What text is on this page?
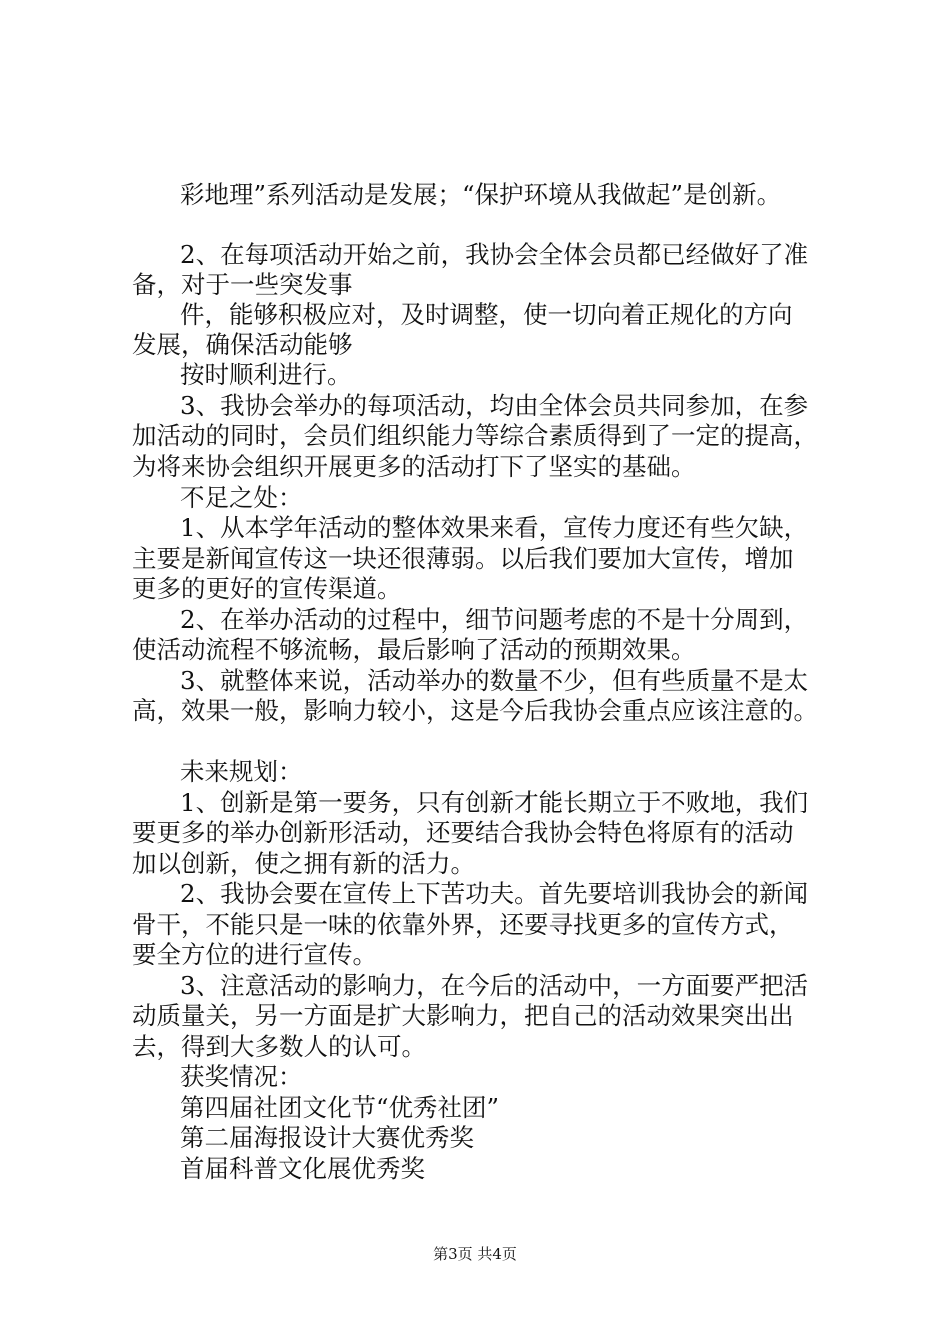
彩地理”系列活动是发展；“保护环境从我做起”是创新。
2、在每项活动开始之前，我协会全体会员都已经做好了准
备，对于一些突发事
件，能够积极应对，及时调整，使一切向着正规化的方向
发展，确保活动能够
按时顺利进行。
3、我协会举办的每项活动，均由全体会员共同参加，在参
加活动的同时，会员们组织能力等综合素质得到了一定的提高，
为将来协会组织开展更多的活动打下了坚实的基础。
不足之处：
1、从本学年活动的整体效果来看，宣传力度还有些欠缺，
主要是新闻宣传这一块还很薄弱。以后我们要加大宣传，增加
更多的更好的宣传渠道。
2、在举办活动的过程中，细节问题考虑的不是十分周到，
使活动流程不够流畅，最后影响了活动的预期效果。
3、就整体来说，活动举办的数量不少，但有些质量不是太
高，效果一般，影响力较小，这是今后我协会重点应该注意的。
未来规划：
1、创新是第一要务，只有创新才能长期立于不败地，我们
要更多的举办创新形活动，还要结合我协会特色将原有的活动
加以创新，使之拥有新的活力。
2、我协会要在宣传上下苦功夫。首先要培训我协会的新闻
骨干，不能只是一味的依靠外界，还要寻找更多的宣传方式，
要全方位的进行宣传。
3、注意活动的影响力，在今后的活动中，一方面要严把活
动质量关，另一方面是扩大影响力，把自己的活动效果突出出
去，得到大多数人的认可。
获奖情况：
第四届社团文化节“优秀社团”
第二届海报设计大赛优秀奖
首届科普文化展优秀奖
第3页 共4页
